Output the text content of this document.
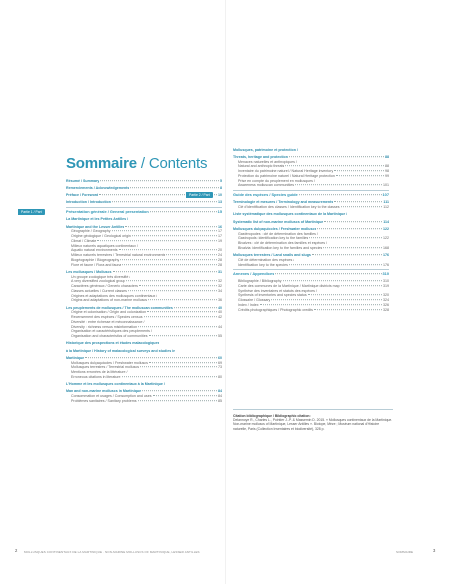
Sommaire / Contents
Résumé / Summary	5
Remerciements / Acknowledgements	8
Préface / Foreword	10
Introduction / Introduction	13
Présentation générale / General presentation	15
La Martinique et les Petites Antilles /
Martinique and the Lesser Antilles	16
Géographie / Geography	17
Origine géologique / Geological origin	17
Climat / Climate	19
Milieux naturels aquatiques continentaux /
Aquatic natural environments	20
Milieux naturels terrestres / Terrestrial natural environments	24
Biogéographie / Biogeography	28
Flore et faune / Flora and fauna	28
Les mollusques / Molluscs	31
Un groupe zoologique très diversifié /
A very diversified zoological group	32
Caractères généraux / Generic characters	32
Classes actuelles / Current classes	34
Origines et adaptations des mollusques continentaux /
Origins and adaptations of non-marine molluscs	36
Les peuplements de mollusques / The molluscan communities	40
Origine et colonisation / Origin and colonization	40
Recensement des espèces / Species census	42
Diversité : entre richesse et méconnaissance /
Diversity : richness versus misinformation	44
Organisation et caractéristiques des peuplements /
Organisation and characteristics of communities	55
Historique des prospections et études malacologiques
à la Martinique / History of malacological surveys and studies in
Martinique	60
Mollusques dulçaquicoles / Freshwater molluscs	69
Mollusques terrestres / Terrestrial molluscs	73
Mentions erronées de la littérature /
Erroneous citations in literature	80
L'Homme et les mollusques continentaux à la Martinique /
Man and non-marine molluscs in Martinique	84
Consommation et usages / Consumption and uses	84
Problèmes sanitaires / Sanitary problems	85
Mollusques, patrimoine et protection /
Threats, heritage and protection	88
Menaces naturelles et anthropiques /
Natural and anthropic threats	88
Inventaire du patrimoine naturel / Natural Heritage inventory	98
Protection du patrimoine naturel / Natural Heritage protection	99
Prise en compte du peuplement en mollusques /
Awareness molluscan communities	101
Guide des espèces / Species guide	107
Terminologie et mesures / Terminology and measurements	111
Clé d'identification des classes / Identification key to the classes	112
Liste systématique des mollusques continentaux de la Martinique /
Systematic list of non-marine molluscs of Martinique	114
Mollusques dulçaquicoles / Freshwater molluscs	122
Gastéropodes : clé de détermination des familles /
Gastropods: identification key to the families	122
Bivalves : clé de détermination des familles et espèces /
Bivalvia: identification key to the families and species	168
Mollusques terrestres / Land snails and slugs	176
Clé de détermination des espèces /
Identification key to the species	176
Annexes / Appendices	310
Bibliographie / Bibliography	310
Carte des communes de la Martinique / Martinique districts map	319
Synthèse des inventaires et statuts des espèces /
Synthesis of inventories and species status	320
Glossaire / Glossary	324
Index / Index	326
Crédits photographiques / Photographic credits	328
Partie 1 / Part
Partie 2 / Part
Citation bibliographique / Bibliographic citation:
Delannoye R., Charles L., Pointier J.-P. & Massemin D. 2015. « Mollusques continentaux de la Martinique. Non-marine molluscs of Martinique, Lesser Antilles ». Biotope, Mèze ; Muséum national d'Histoire naturelle, Paris (Collection Inventaires et biodiversité), 328 p.
2 MOLLUSQUES CONTINENTAUX DE LA MARTINIQUE · NON-MARINE MOLLUSCS OF MARTINIQUE, LESSER ANTILLES	SOMMAIRE	3
